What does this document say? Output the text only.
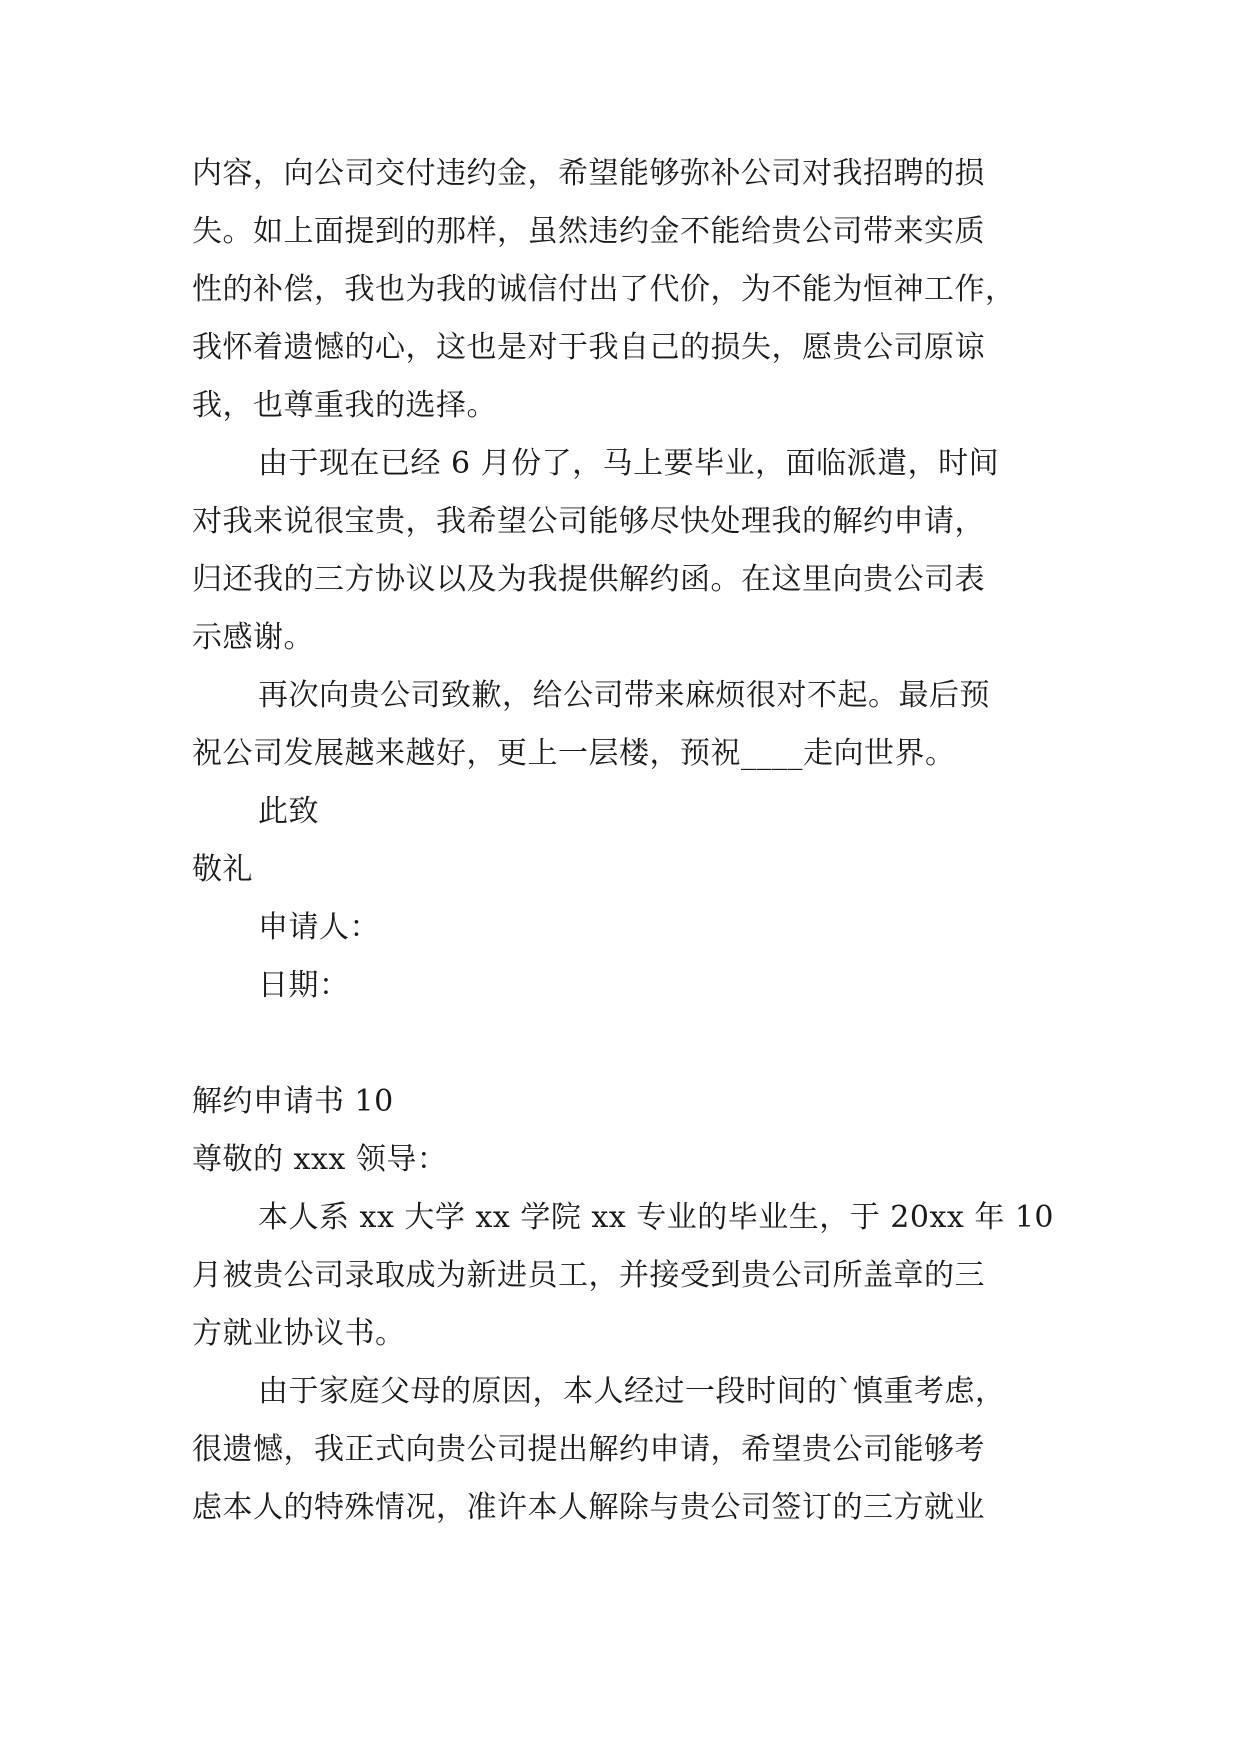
内容，向公司交付违约金，希望能够弥补公司对我招聘的损
失。如上面提到的那样，虽然违约金不能给贵公司带来实质
性的补偿，我也为我的诚信付出了代价，为不能为恒神工作，
我怀着遗憾的心，这也是对于我自己的损失，愿贵公司原谅
我，也尊重我的选择。
由于现在已经 6 月份了，马上要毕业，面临派遣，时间
对我来说很宝贵，我希望公司能够尽快处理我的解约申请，
归还我的三方协议以及为我提供解约函。在这里向贵公司表
示感谢。
再次向贵公司致歉，给公司带来麻烦很对不起。最后预
祝公司发展越来越好，更上一层楼，预祝____走向世界。
此致
敬礼
申请人：
日期：
解约申请书 10
尊敬的 xxx 领导：
本人系 xx 大学 xx 学院 xx 专业的毕业生，于 20xx 年 10
月被贵公司录取成为新进员工，并接受到贵公司所盖章的三
方就业协议书。
由于家庭父母的原因，本人经过一段时间的`慎重考虑，
很遗憾，我正式向贵公司提出解约申请，希望贵公司能够考
虑本人的特殊情况，准许本人解除与贵公司签订的三方就业
